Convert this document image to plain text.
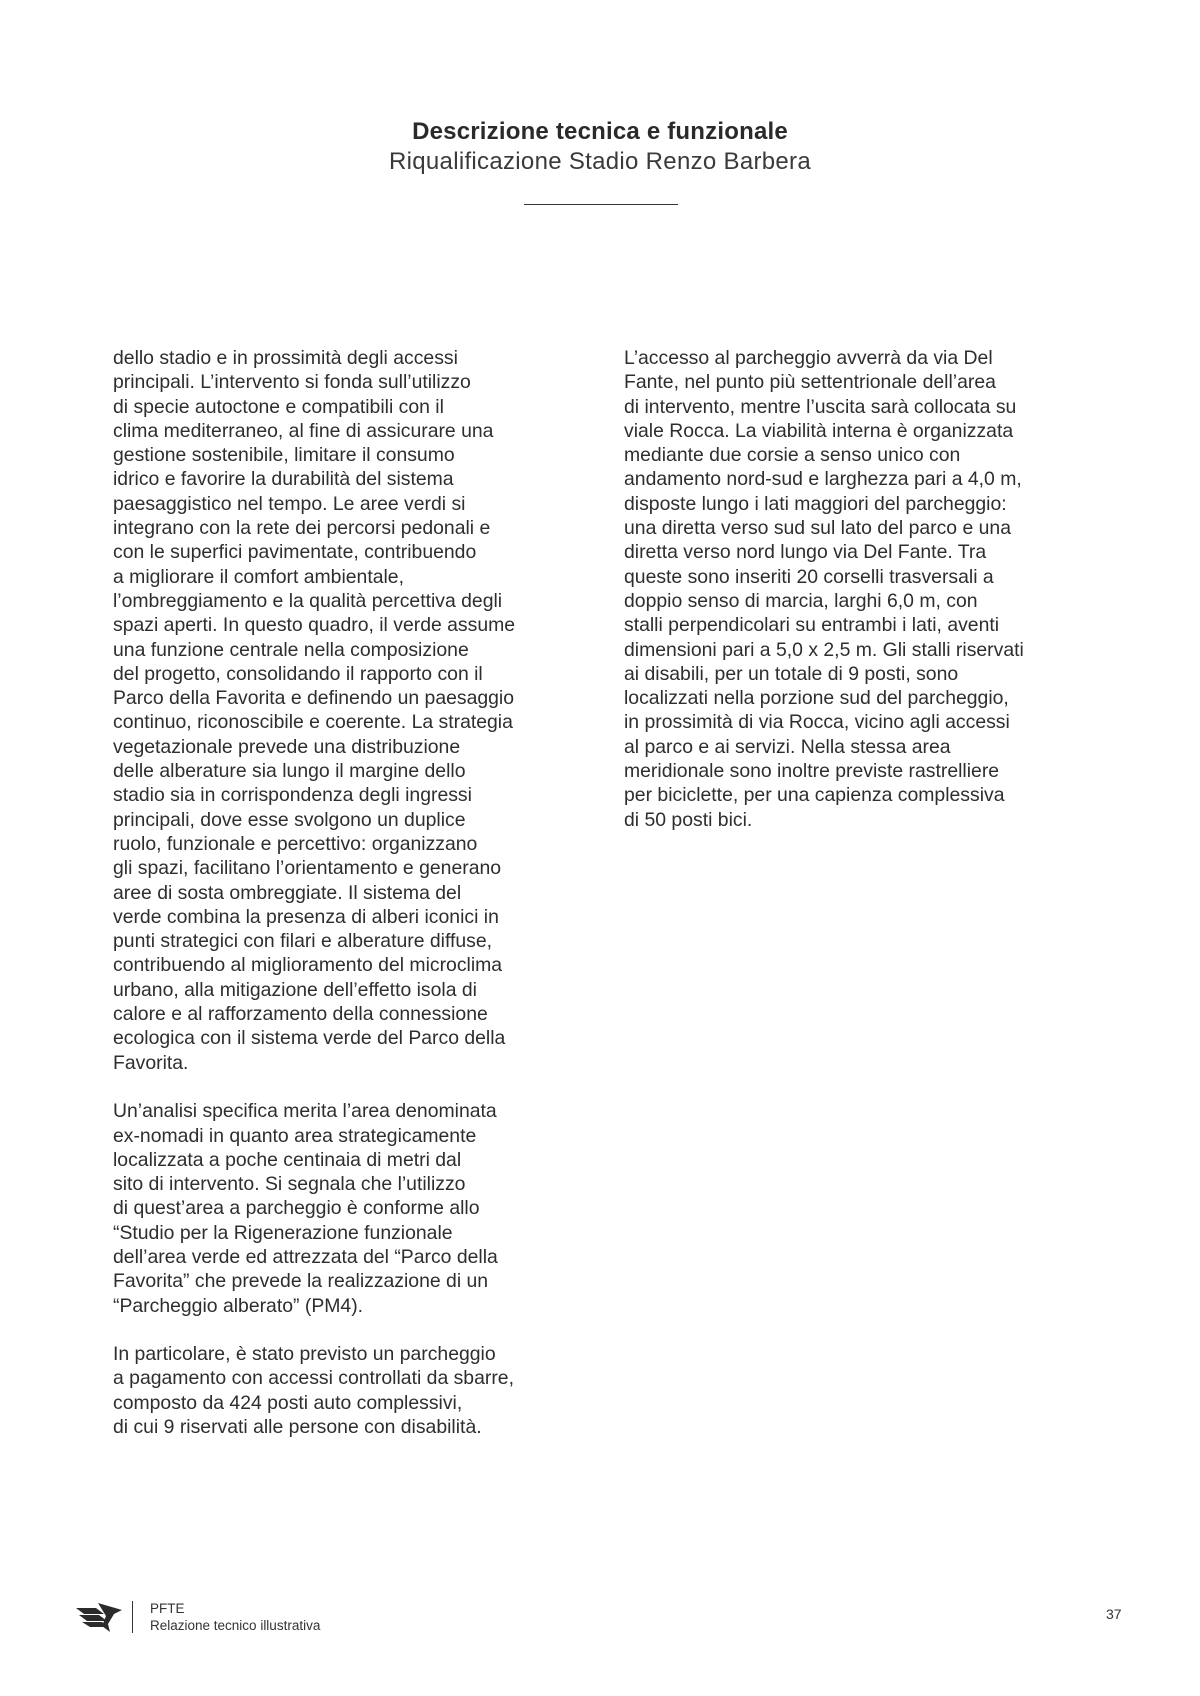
Descrizione tecnica e funzionale
Riqualificazione Stadio Renzo Barbera
dello stadio e in prossimità degli accessi
principali. L’intervento si fonda sull’utilizzo
di specie autoctone e compatibili con il
clima mediterraneo, al fine di assicurare una
gestione sostenibile, limitare il consumo
idrico e favorire la durabilità del sistema
paesaggistico nel tempo. Le aree verdi si
integrano con la rete dei percorsi pedonali e
con le superfici pavimentate, contribuendo
a migliorare il comfort ambientale,
l’ombreggiamento e la qualità percettiva degli
spazi aperti. In questo quadro, il verde assume
una funzione centrale nella composizione
del progetto, consolidando il rapporto con il
Parco della Favorita e definendo un paesaggio
continuo, riconoscibile e coerente. La strategia
vegetazionale prevede una distribuzione
delle alberature sia lungo il margine dello
stadio sia in corrispondenza degli ingressi
principali, dove esse svolgono un duplice
ruolo, funzionale e percettivo: organizzano
gli spazi, facilitano l’orientamento e generano
aree di sosta ombreggiate. Il sistema del
verde combina la presenza di alberi iconici in
punti strategici con filari e alberature diffuse,
contribuendo al miglioramento del microclima
urbano, alla mitigazione dell’effetto isola di
calore e al rafforzamento della connessione
ecologica con il sistema verde del Parco della
Favorita.
Un’analisi specifica merita l’area denominata
ex-nomadi in quanto area strategicamente
localizzata a poche centinaia di metri dal
sito di intervento. Si segnala che l’utilizzo
di quest’area a parcheggio è conforme allo
“Studio per la Rigenerazione funzionale
dell’area verde ed attrezzata del “Parco della
Favorita” che prevede la realizzazione di un
“Parcheggio alberato” (PM4).
In particolare, è stato previsto un parcheggio
a pagamento con accessi controllati da sbarre,
composto da 424 posti auto complessivi,
di cui 9 riservati alle persone con disabilità.
L’accesso al parcheggio avverrà da via Del
Fante, nel punto più settentrionale dell’area
di intervento, mentre l’uscita sarà collocata su
viale Rocca. La viabilità interna è organizzata
mediante due corsie a senso unico con
andamento nord-sud e larghezza pari a 4,0 m,
disposte lungo i lati maggiori del parcheggio:
una diretta verso sud sul lato del parco e una
diretta verso nord lungo via Del Fante. Tra
queste sono inseriti 20 corselli trasversali a
doppio senso di marcia, larghi 6,0 m, con
stalli perpendicolari su entrambi i lati, aventi
dimensioni pari a 5,0 x 2,5 m. Gli stalli riservati
ai disabili, per un totale di 9 posti, sono
localizzati nella porzione sud del parcheggio,
in prossimità di via Rocca, vicino agli accessi
al parco e ai servizi. Nella stessa area
meridionale sono inoltre previste rastrelliere
per biciclette, per una capienza complessiva
di 50 posti bici.
PFTE
Relazione tecnico illustrativa
37
